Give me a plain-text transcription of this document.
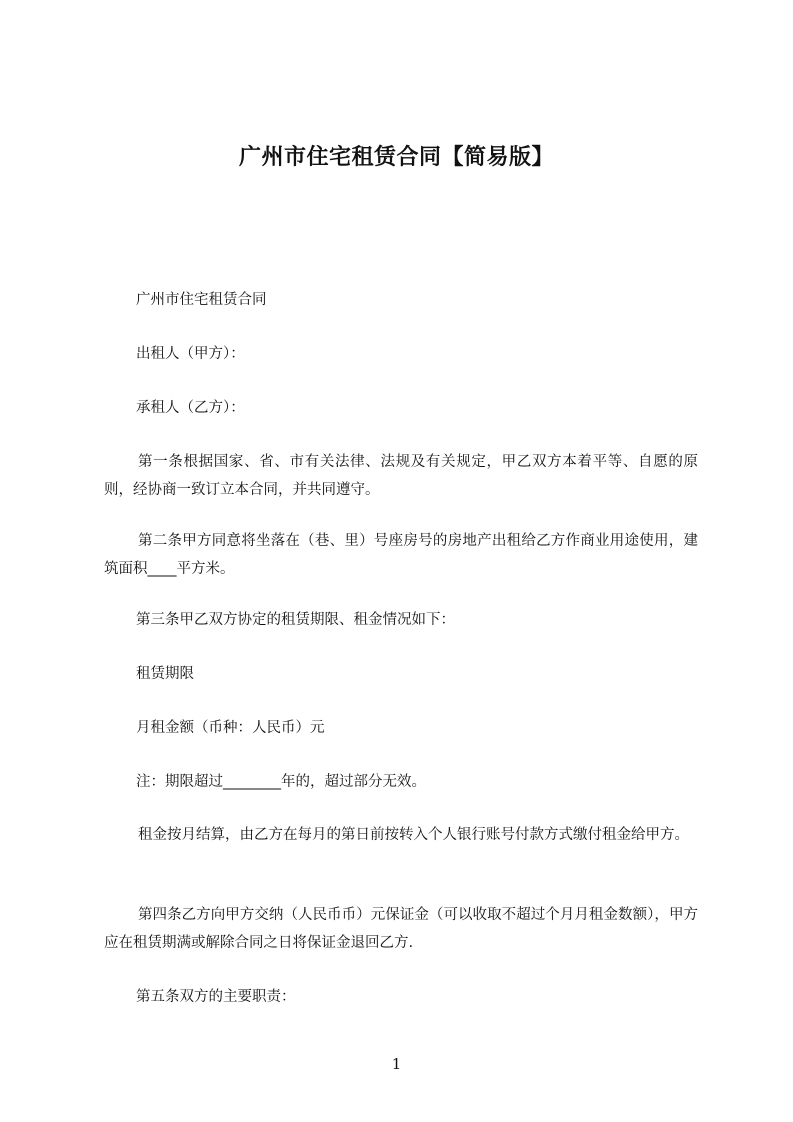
广州市住宅租赁合同【简易版】

广州市住宅租赁合同

出租人（甲方）：

承租人（乙方）：

第一条根据国家、省、市有关法律、法规及有关规定，甲乙双方本着平等、自愿的原则，经协商一致订立本合同，并共同遵守。

第二条甲方同意将坐落在（巷、里）号座房号的房地产出租给乙方作商业用途使用，建筑面积____平方米。

第三条甲乙双方协定的租赁期限、租金情况如下：

租赁期限

月租金额（币种：人民币）元

注：期限超过________年的，超过部分无效。

租金按月结算，由乙方在每月的第日前按转入个人银行账号付款方式缴付租金给甲方。

第四条乙方向甲方交纳（人民币币）元保证金（可以收取不超过个月月租金数额），甲方应在租赁期满或解除合同之日将保证金退回乙方.

第五条双方的主要职责：

1
